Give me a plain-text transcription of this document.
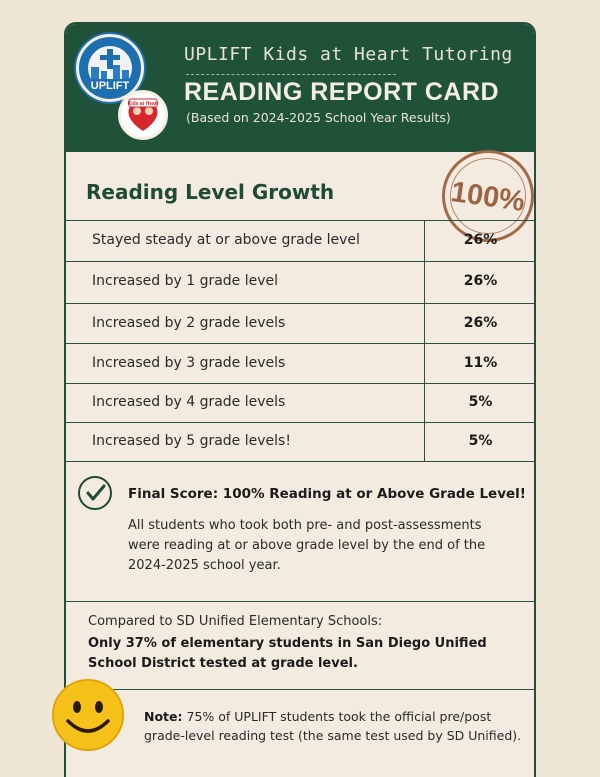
UPLIFT
Kids at Heart
UPLIFT Kids at Heart Tutoring
READING REPORT CARD
(Based on 2024-2025 School Year Results)
Reading Level Growth	100%
Stayed steady at or above grade level	26%
Increased by 1 grade level	26%
Increased by 2 grade levels	26%
Increased by 3 grade levels	11%
Increased by 4 grade levels	5%
Increased by 5 grade levels!	5%
Final Score: 100% Reading at or Above Grade Level!
All students who took both pre- and post-assessments were reading at or above grade level by the end of the 2024-2025 school year.
Compared to SD Unified Elementary Schools:
Only 37% of elementary students in San Diego Unified School District tested at grade level.
Note: 75% of UPLIFT students took the official pre/post grade-level reading test (the same test used by SD Unified).
